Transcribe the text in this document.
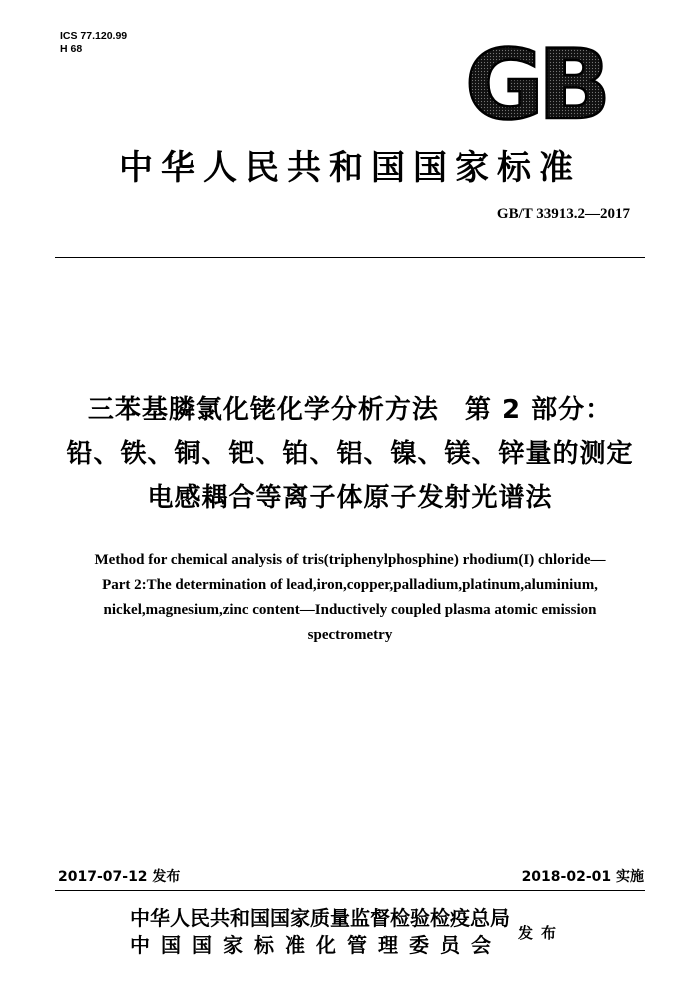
ICS 77.120.99
H 68	GB
中华人民共和国国家标准
GB/T 33913.2—2017
三苯基膦氯化铑化学分析方法 第 2 部分：
铅、铁、铜、钯、铂、铝、镍、镁、锌量的测定
电感耦合等离子体原子发射光谱法
Method for chemical analysis of tris(triphenylphosphine) rhodium(I) chloride—
Part 2:The determination of lead,iron,copper,palladium,platinum,aluminium,
nickel,magnesium,zinc content—Inductively coupled plasma atomic emission
spectrometry
2017-07-12 发布	2018-02-01 实施
中华人民共和国国家质量监督检验检疫总局
中国国家标准化管理委员会	发布
